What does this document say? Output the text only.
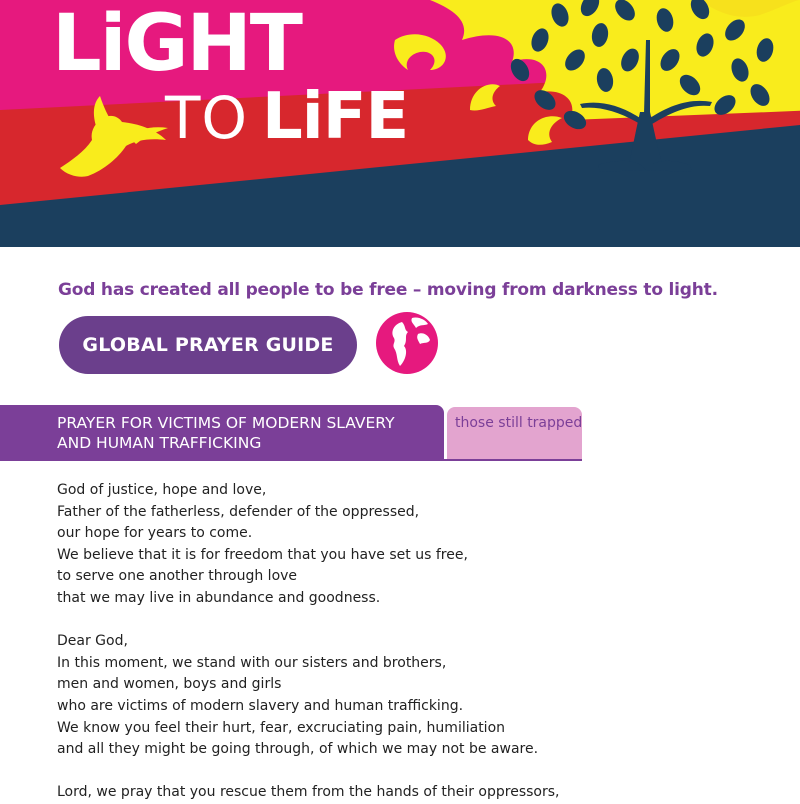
LiGHT
TO LiFE

God has created all people to be free – moving from darkness to light.

GLOBAL PRAYER GUIDE
PRAYER FOR VICTIMS OF MODERN SLAVERY
AND HUMAN TRAFFICKING
those still trapped
God of justice, hope and love,
Father of the fatherless, defender of the oppressed,
our hope for years to come.
We believe that it is for freedom that you have set us free,
to serve one another through love
that we may live in abundance and goodness.
Dear God,
In this moment, we stand with our sisters and brothers,
men and women, boys and girls
who are victims of modern slavery and human trafficking.
We know you feel their hurt, fear, excruciating pain, humiliation
and all they might be going through, of which we may not be aware.
Lord, we pray that you rescue them from the hands of their oppressors,
